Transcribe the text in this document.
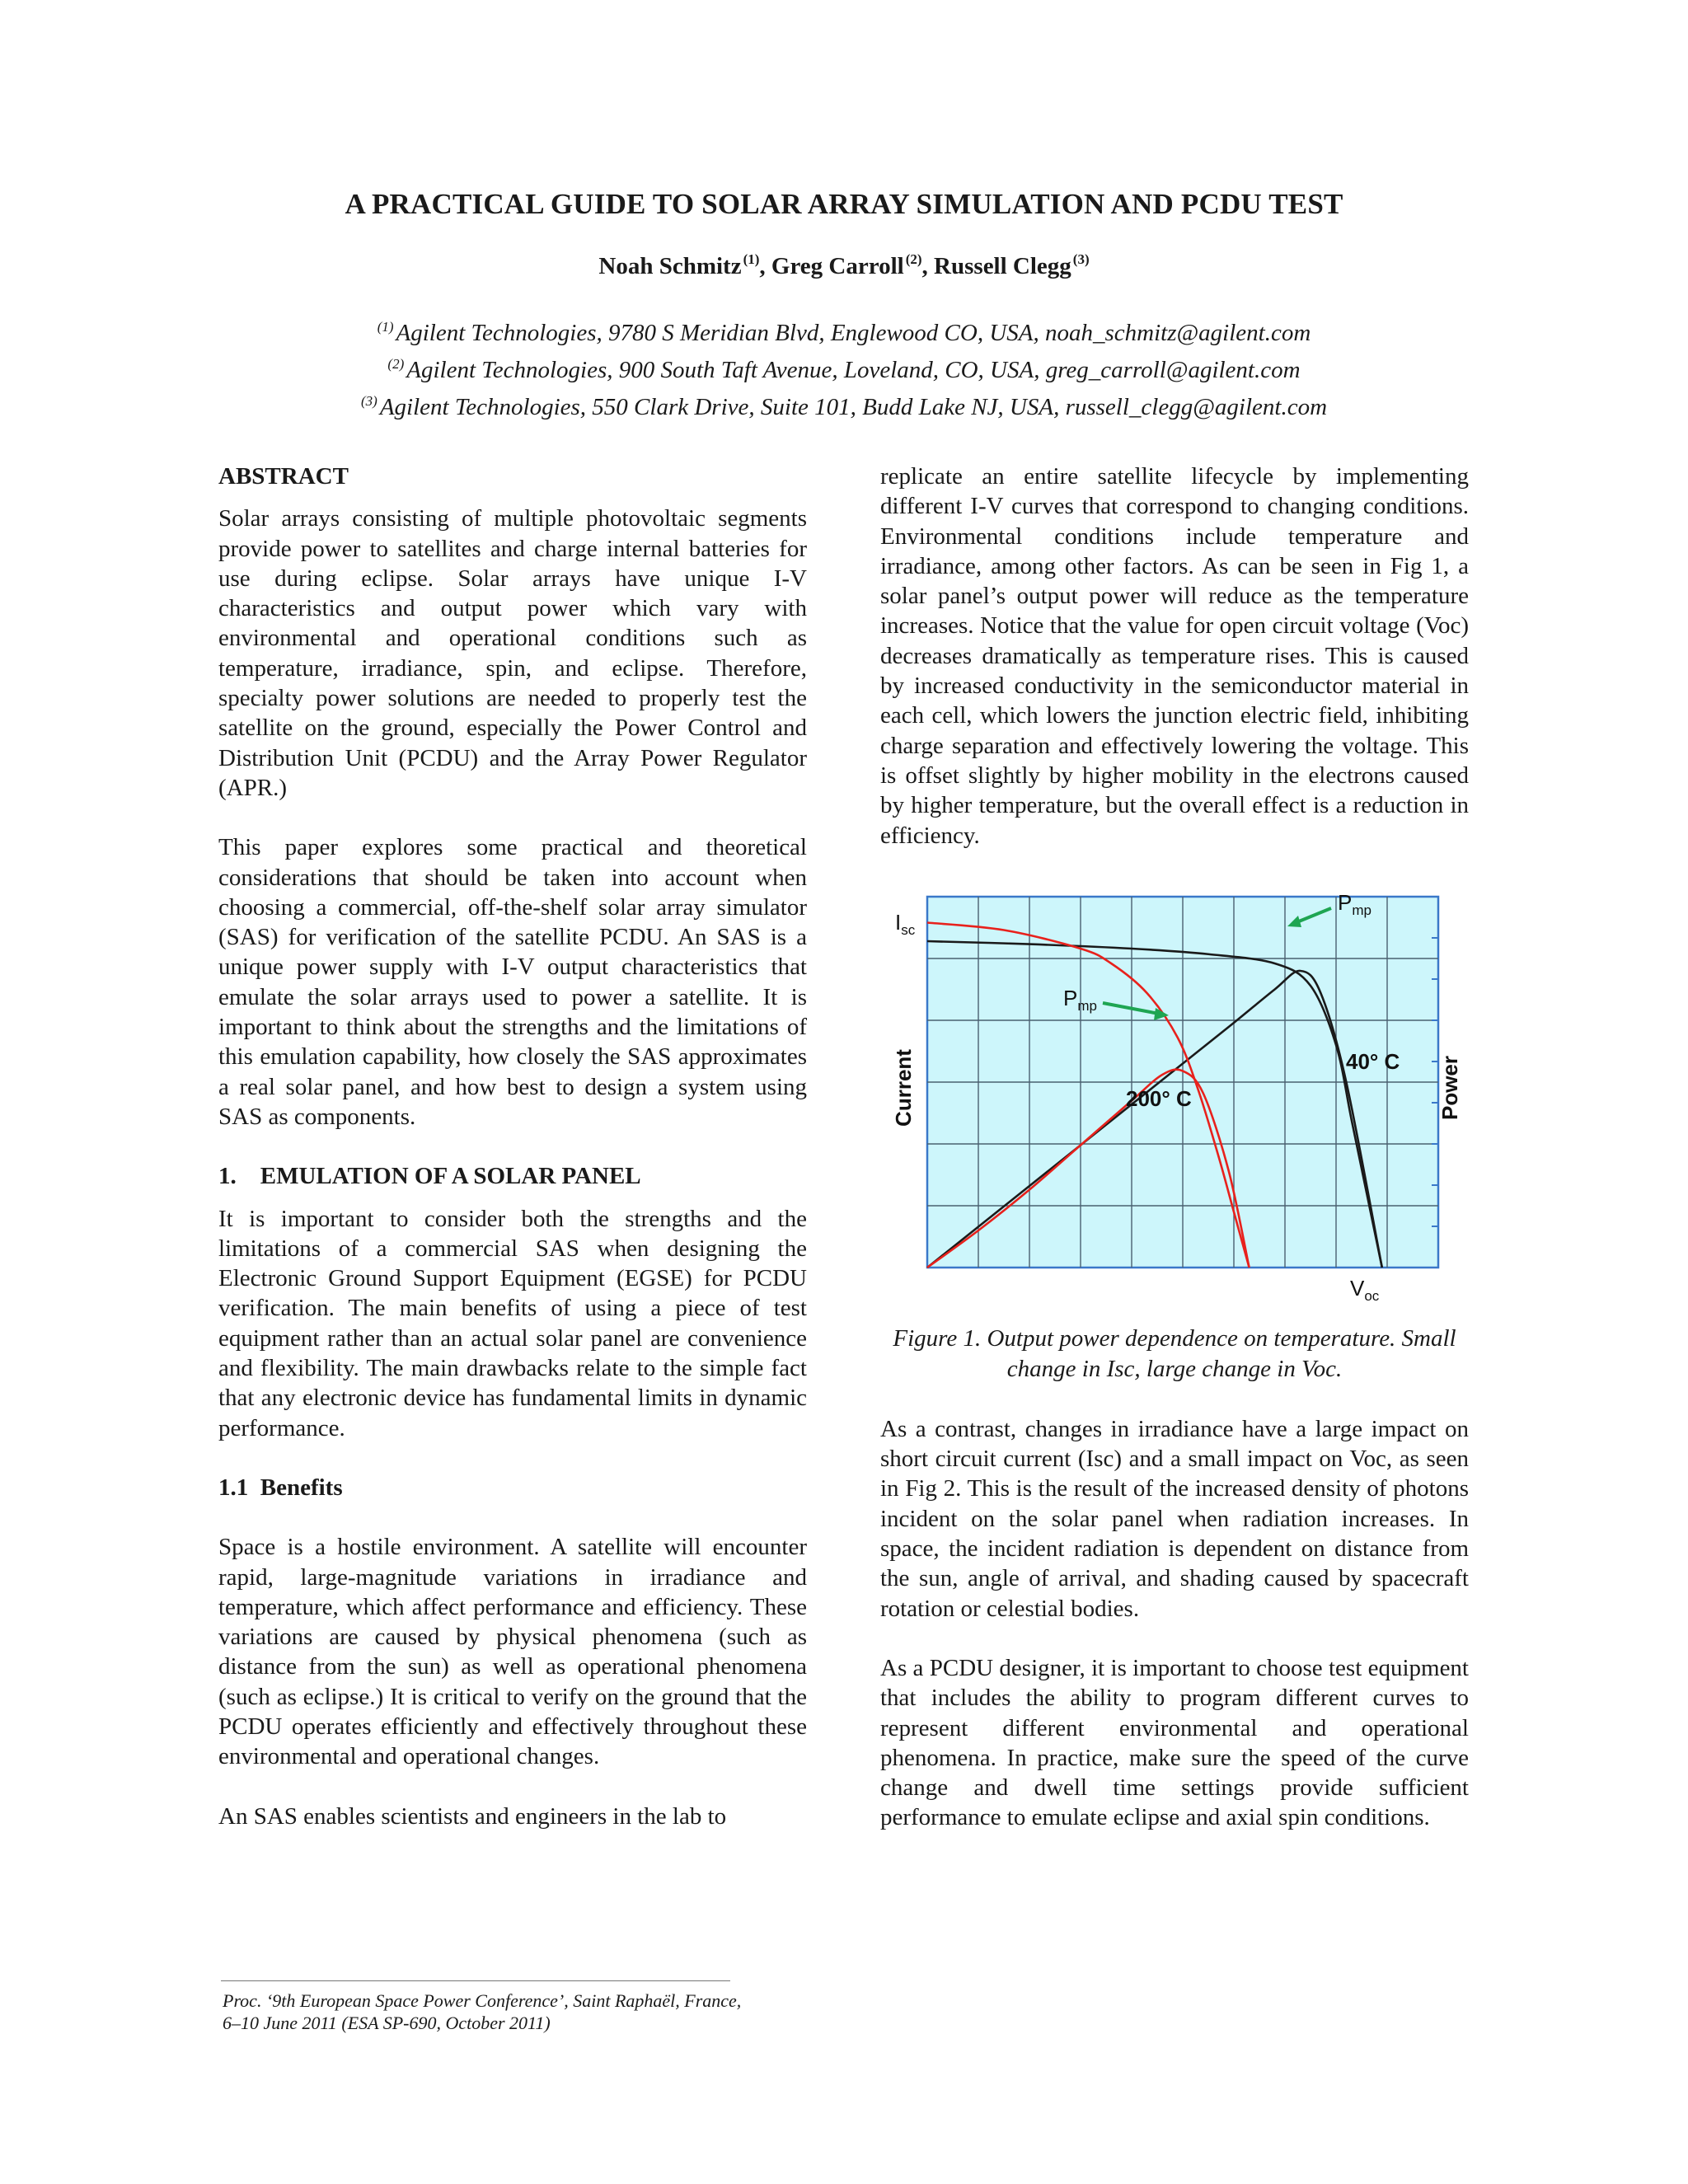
A PRACTICAL GUIDE TO SOLAR ARRAY SIMULATION AND PCDU TEST
Noah Schmitz $^{(1)}$, Greg Carroll $^{(2)}$, Russell Clegg $^{(3)}$
$^{(1)}$ Agilent Technologies, 9780 S Meridian Blvd, Englewood CO, USA, noah_schmitz@agilent.com
$^{(2)}$ Agilent Technologies, 900 South Taft Avenue, Loveland, CO, USA, greg_carroll@agilent.com
$^{(3)}$ Agilent Technologies, 550 Clark Drive, Suite 101, Budd Lake NJ, USA, russell_clegg@agilent.com
ABSTRACT

Solar arrays consisting of multiple photovoltaic segments provide power to satellites and charge internal batteries for use during eclipse. Solar arrays have unique I-V characteristics and output power which vary with environmental and operational conditions such as temperature, irradiance, spin, and eclipse. Therefore, specialty power solutions are needed to properly test the satellite on the ground, especially the Power Control and Distribution Unit (PCDU) and the Array Power Regulator (APR.)

This paper explores some practical and theoretical considerations that should be taken into account when choosing a commercial, off-the-shelf solar array simulator (SAS) for verification of the satellite PCDU. An SAS is a unique power supply with I-V output characteristics that emulate the solar arrays used to power a satellite. It is important to think about the strengths and the limitations of this emulation capability, how closely the SAS approximates a real solar panel, and how best to design a system using SAS as components.

1. EMULATION OF A SOLAR PANEL

It is important to consider both the strengths and the limitations of a commercial SAS when designing the Electronic Ground Support Equipment (EGSE) for PCDU verification. The main benefits of using a piece of test equipment rather than an actual solar panel are convenience and flexibility. The main drawbacks relate to the simple fact that any electronic device has fundamental limits in dynamic performance.

1.1 Benefits

Space is a hostile environment. A satellite will encounter rapid, large-magnitude variations in irradiance and temperature, which affect performance and efficiency. These variations are caused by physical phenomena (such as distance from the sun) as well as operational phenomena (such as eclipse.) It is critical to verify on the ground that the PCDU operates efficiently and effectively throughout these environmental and operational changes.

An SAS enables scientists and engineers in the lab to

replicate an entire satellite lifecycle by implementing different I-V curves that correspond to changing conditions. Environmental conditions include temperature and irradiance, among other factors. As can be seen in Fig 1, a solar panel’s output power will reduce as the temperature increases. Notice that the value for open circuit voltage (Voc) decreases dramatically as temperature rises. This is caused by increased conductivity in the semiconductor material in each cell, which lowers the junction electric field, inhibiting charge separation and effectively lowering the voltage. This is offset slightly by higher mobility in the electrons caused by higher temperature, but the overall effect is a reduction in efficiency.

Current	Power
$I_{sc}$
$V_{oc}$
$P_{mp}$
$P_{mp}$
40° C
200° C
Figure 1. Output power dependence on temperature. Small change in Isc, large change in Voc.

As a contrast, changes in irradiance have a large impact on short circuit current (Isc) and a small impact on Voc, as seen in Fig 2. This is the result of the increased density of photons incident on the solar panel when radiation increases. In space, the incident radiation is dependent on distance from the sun, angle of arrival, and shading caused by spacecraft rotation or celestial bodies.

As a PCDU designer, it is important to choose test equipment that includes the ability to program different curves to represent different environmental and operational phenomena. In practice, make sure the speed of the curve change and dwell time settings provide sufficient performance to emulate eclipse and axial spin conditions.

Proc. ‘9th European Space Power Conference’, Saint Raphaël, France,
6–10 June 2011 (ESA SP-690, October 2011)
